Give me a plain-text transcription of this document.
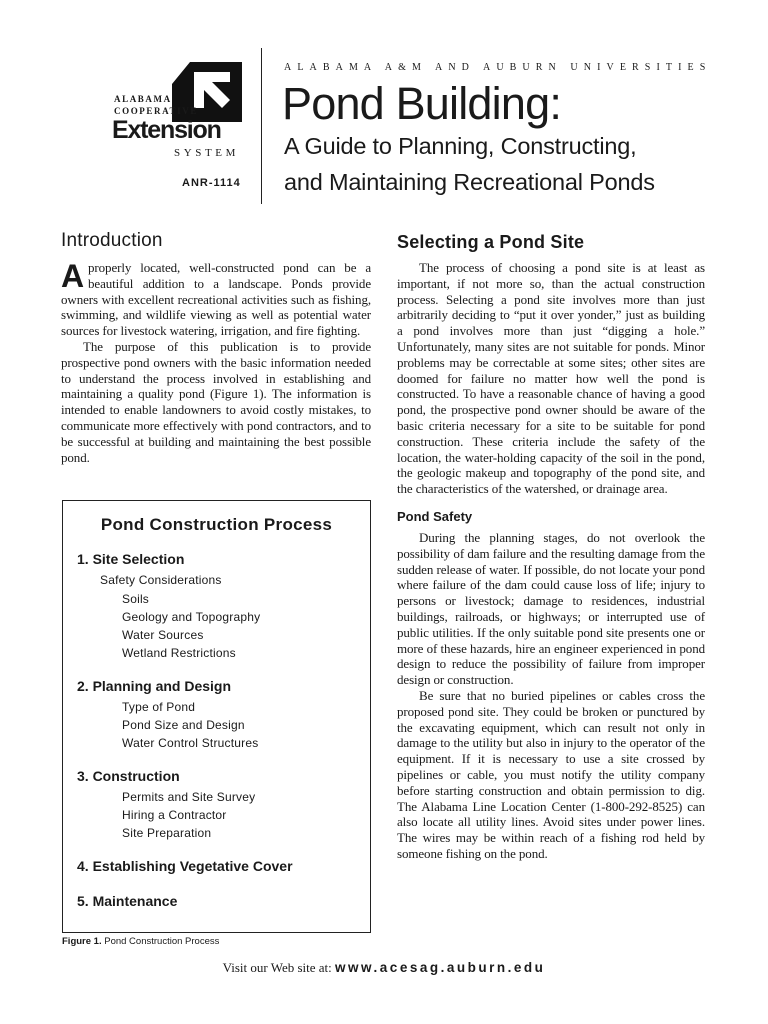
ALABAMA
COOPERATIVE
Extension
SYSTEM
ANR-1114
ALABAMA A&M AND AUBURN UNIVERSITIES
Pond Building:
A Guide to Planning, Constructing,
and Maintaining Recreational Ponds
Introduction

Aproperly located, well-constructed pond can be a beautiful addition to a landscape. Ponds provide owners with excellent recreational activities such as fishing, swimming, and wildlife viewing as well as potential water sources for livestock watering, irrigation, and fire fighting.

The purpose of this publication is to provide prospective pond owners with the basic information needed to understand the process involved in establishing and maintaining a quality pond (Figure 1). The information is intended to enable landowners to avoid costly mistakes, to communicate more effectively with pond contractors, and to be successful at building and maintaining the best possible pond.

Pond Construction Process
1. Site Selection
Safety Considerations
Soils
Geology and Topography
Water Sources
Wetland Restrictions
2. Planning and Design
Type of Pond
Pond Size and Design
Water Control Structures
3. Construction
Permits and Site Survey
Hiring a Contractor
Site Preparation
4. Establishing Vegetative Cover
5. Maintenance
Figure 1. Pond Construction Process
Selecting a Pond Site

The process of choosing a pond site is at least as important, if not more so, than the actual construction process. Selecting a pond site involves more than just arbitrarily deciding to “put it over yonder,” just as building a pond involves more than just “digging a hole.” Unfortunately, many sites are not suitable for ponds. Minor problems may be correctable at some sites; other sites are doomed for failure no matter how well the pond is constructed. To have a reasonable chance of having a good pond, the prospective pond owner should be aware of the basic criteria necessary for a site to be suitable for pond construction. These criteria include the safety of the location, the water-holding capacity of the soil in the pond, the geologic makeup and topography of the pond site, and the characteristics of the watershed, or drainage area.

Pond Safety

During the planning stages, do not overlook the possibility of dam failure and the resulting damage from the sudden release of water. If possible, do not locate your pond where failure of the dam could cause loss of life; injury to persons or livestock; damage to residences, industrial buildings, railroads, or highways; or interrupted use of public utilities. If the only suitable pond site presents one or more of these hazards, hire an engineer experienced in pond design to reduce the possibility of failure from improper design or construction.

Be sure that no buried pipelines or cables cross the proposed pond site. They could be broken or punctured by the excavating equipment, which can result not only in damage to the utility but also in injury to the operator of the equipment. If it is necessary to use a site crossed by pipelines or cable, you must notify the utility company before starting construction and obtain permission to dig. The Alabama Line Location Center (1-800-292-8525) can also locate all utility lines. Avoid sites under power lines. The wires may be within reach of a fishing rod held by someone fishing on the pond.

Visit our Web site at: www.acesag.auburn.edu
